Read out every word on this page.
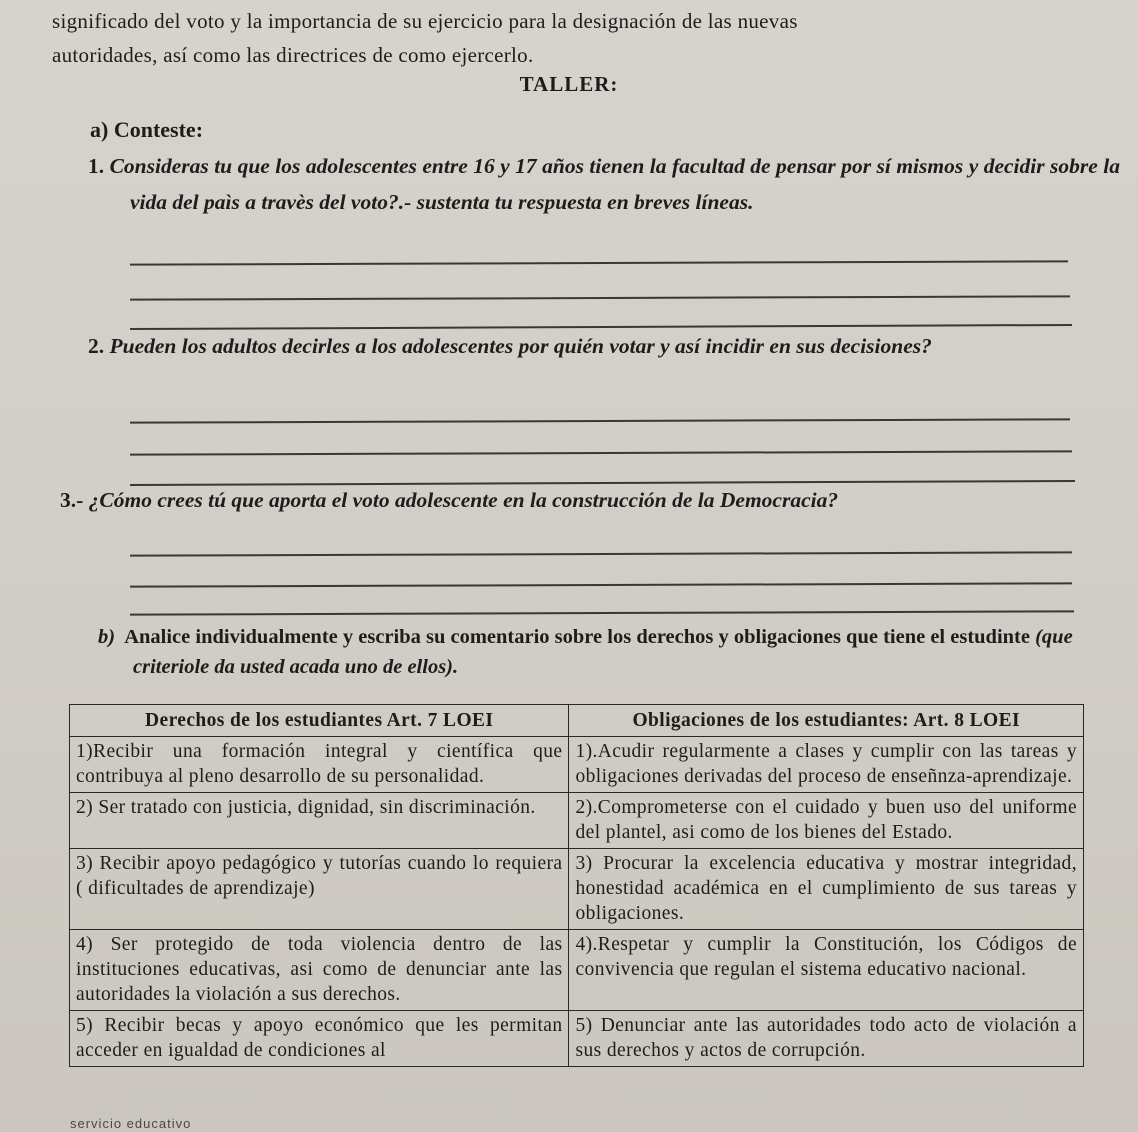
significado del voto y la importancia de su ejercicio para la designación de las nuevas

autoridades, así como las directrices de como ejercerlo.

TALLER:
a) Conteste:
1. Consideras tu que los adolescentes entre 16 y 17 años tienen la facultad de pensar por sí mismos y decidir sobre la vida del paìs a travès del voto?.- sustenta tu respuesta en breves líneas.
2. Pueden los adultos decirles a los adolescentes por quién votar y así incidir en sus decisiones?
3.- ¿Cómo crees tú que aporta el voto adolescente en la construcción de la Democracia?
b) Analice individualmente y escriba su comentario sobre los derechos y obligaciones que tiene el estudinte (que criteriole da usted acada uno de ellos).
Derechos de los estudiantes Art. 7 LOEI	Obligaciones de los estudiantes: Art. 8 LOEI
1)Recibir una formación integral y científica que contribuya al pleno desarrollo de su personalidad.	1).Acudir regularmente a clases y cumplir con las tareas y obligaciones derivadas del proceso de enseñnza-aprendizaje.
2) Ser tratado con justicia, dignidad, sin discriminación.	2).Comprometerse con el cuidado y buen uso del uniforme del plantel, asi como de los bienes del Estado.
3) Recibir apoyo pedagógico y tutorías cuando lo requiera ( dificultades de aprendizaje)	3) Procurar la excelencia educativa y mostrar integridad, honestidad académica en el cumplimiento de sus tareas y obligaciones.
4) Ser protegido de toda violencia dentro de las instituciones educativas, asi como de denunciar ante las autoridades la violación a sus derechos.	4).Respetar y cumplir la Constitución, los Códigos de convivencia que regulan el sistema educativo nacional.
5) Recibir becas y apoyo económico que les permitan acceder en igualdad de condiciones al	5) Denunciar ante las autoridades todo acto de violación a sus derechos y actos de corrupción.
servicio educativo
